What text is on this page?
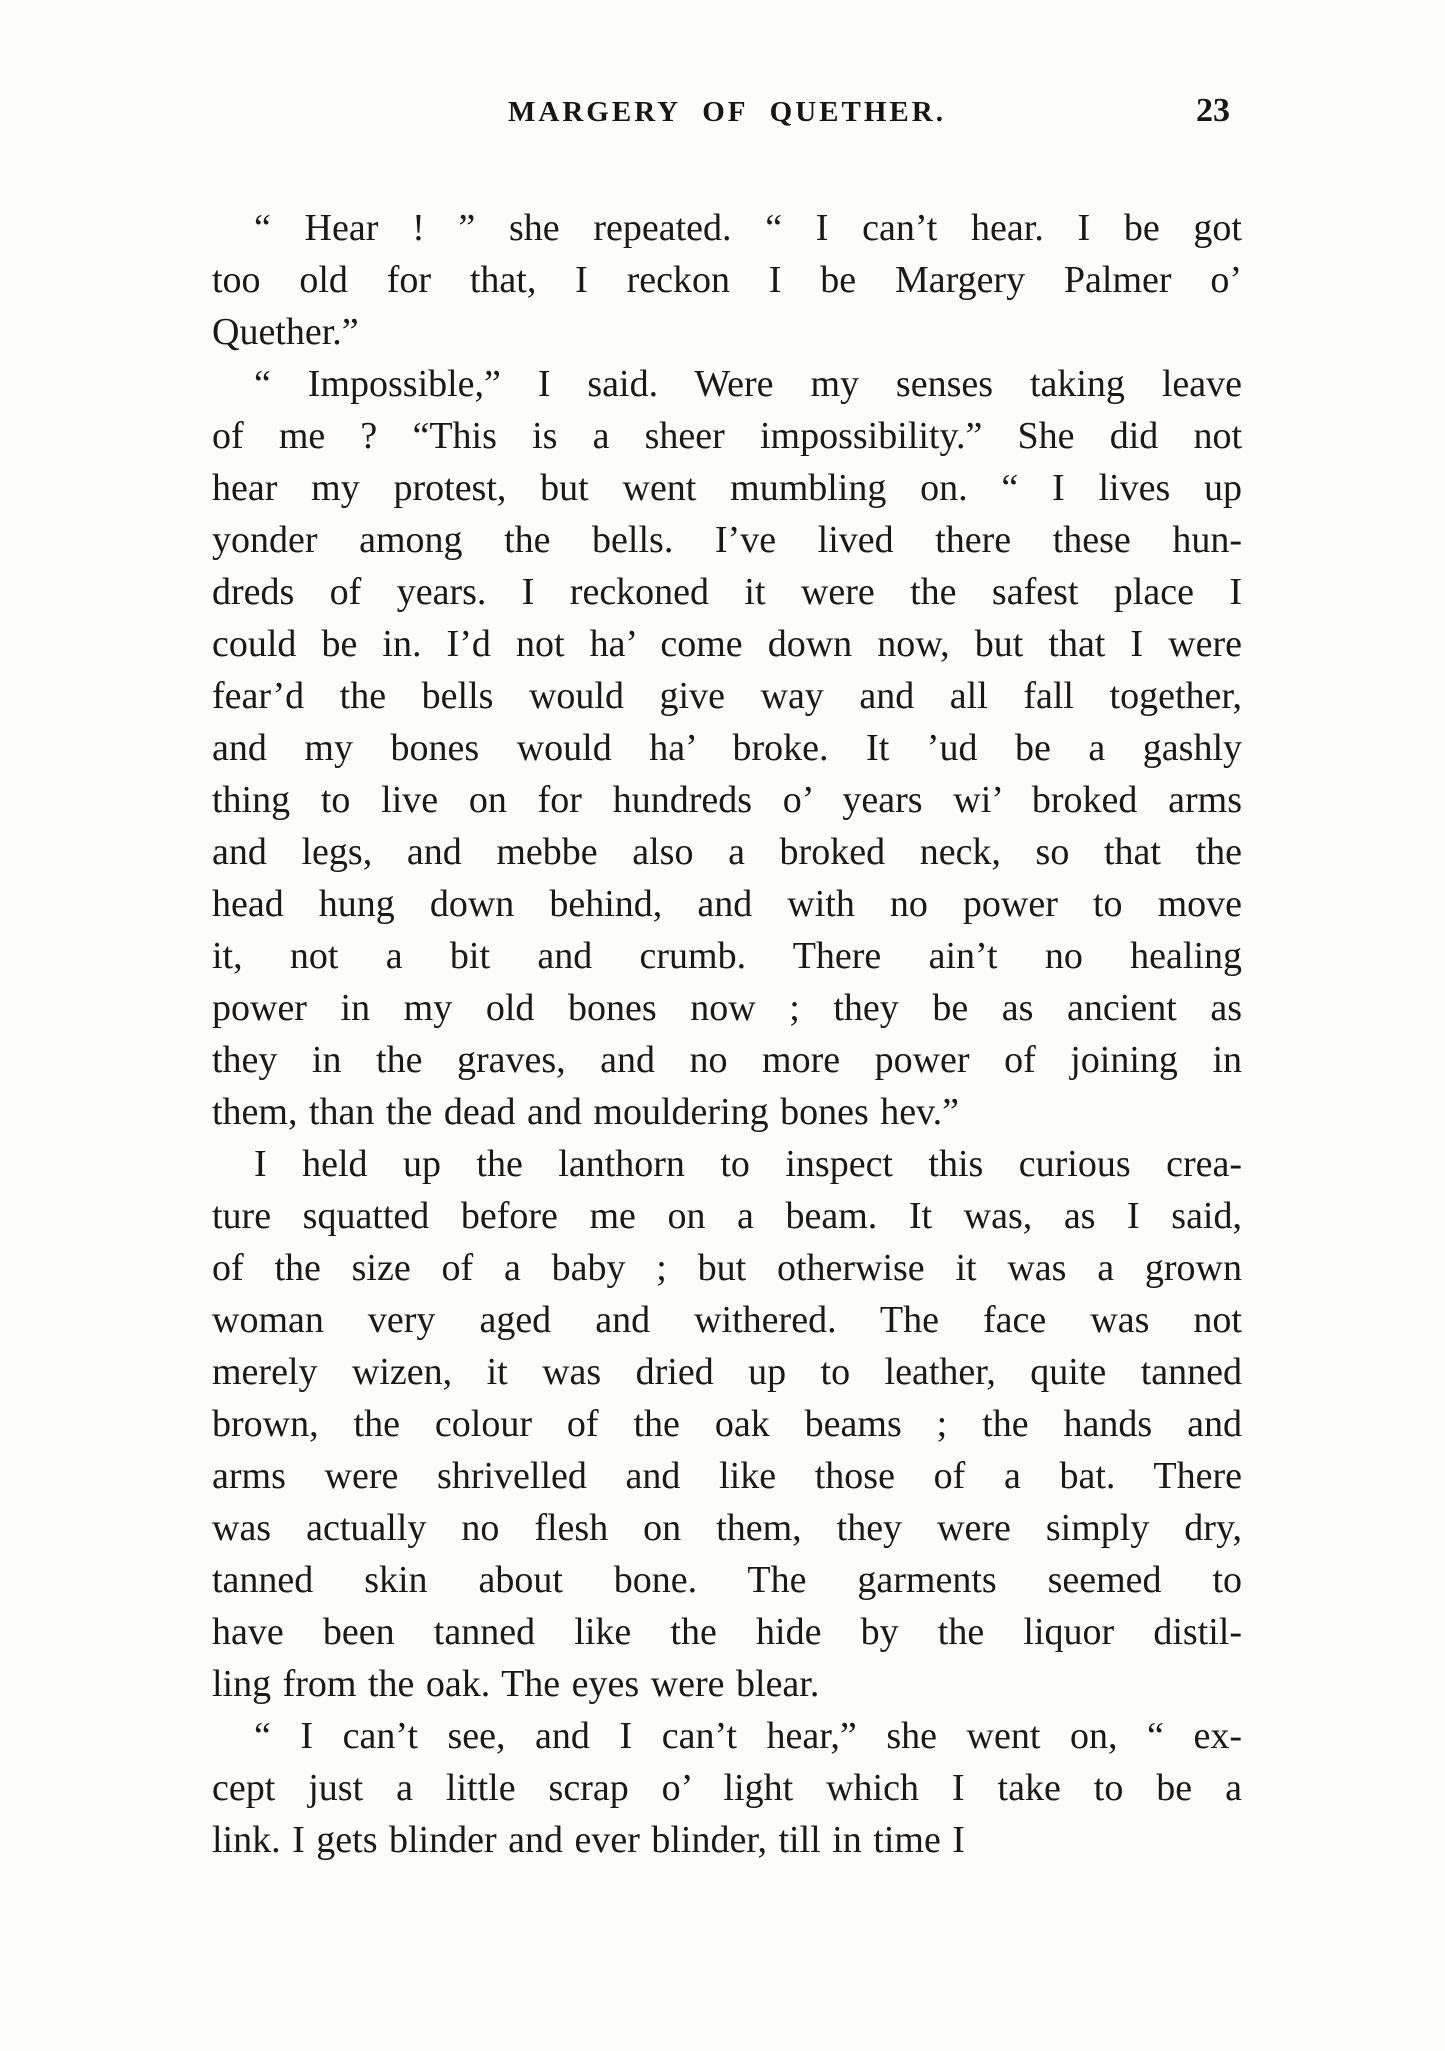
MARGERY OF QUETHER.	23
“ Hear ! ” she repeated. “ I can’t hear. I be got
too old for that, I reckon I be Margery Palmer o’
Quether.”
“ Impossible,” I said. Were my senses taking leave
of me ? “This is a sheer impossibility.” She did not
hear my protest, but went mumbling on. “ I lives up
yonder among the bells. I’ve lived there these hun-
dreds of years. I reckoned it were the safest place I
could be in. I’d not ha’ come down now, but that I were
fear’d the bells would give way and all fall together,
and my bones would ha’ broke. It ’ud be a gashly
thing to live on for hundreds o’ years wi’ broked arms
and legs, and mebbe also a broked neck, so that the
head hung down behind, and with no power to move
it, not a bit and crumb. There ain’t no healing
power in my old bones now ; they be as ancient as
they in the graves, and no more power of joining in
them, than the dead and mouldering bones hev.”
I held up the lanthorn to inspect this curious crea-
ture squatted before me on a beam. It was, as I said,
of the size of a baby ; but otherwise it was a grown
woman very aged and withered. The face was not
merely wizen, it was dried up to leather, quite tanned
brown, the colour of the oak beams ; the hands and
arms were shrivelled and like those of a bat. There
was actually no flesh on them, they were simply dry,
tanned skin about bone. The garments seemed to
have been tanned like the hide by the liquor distil-
ling from the oak. The eyes were blear.
“ I can’t see, and I can’t hear,” she went on, “ ex-
cept just a little scrap o’ light which I take to be a
link. I gets blinder and ever blinder, till in time I
